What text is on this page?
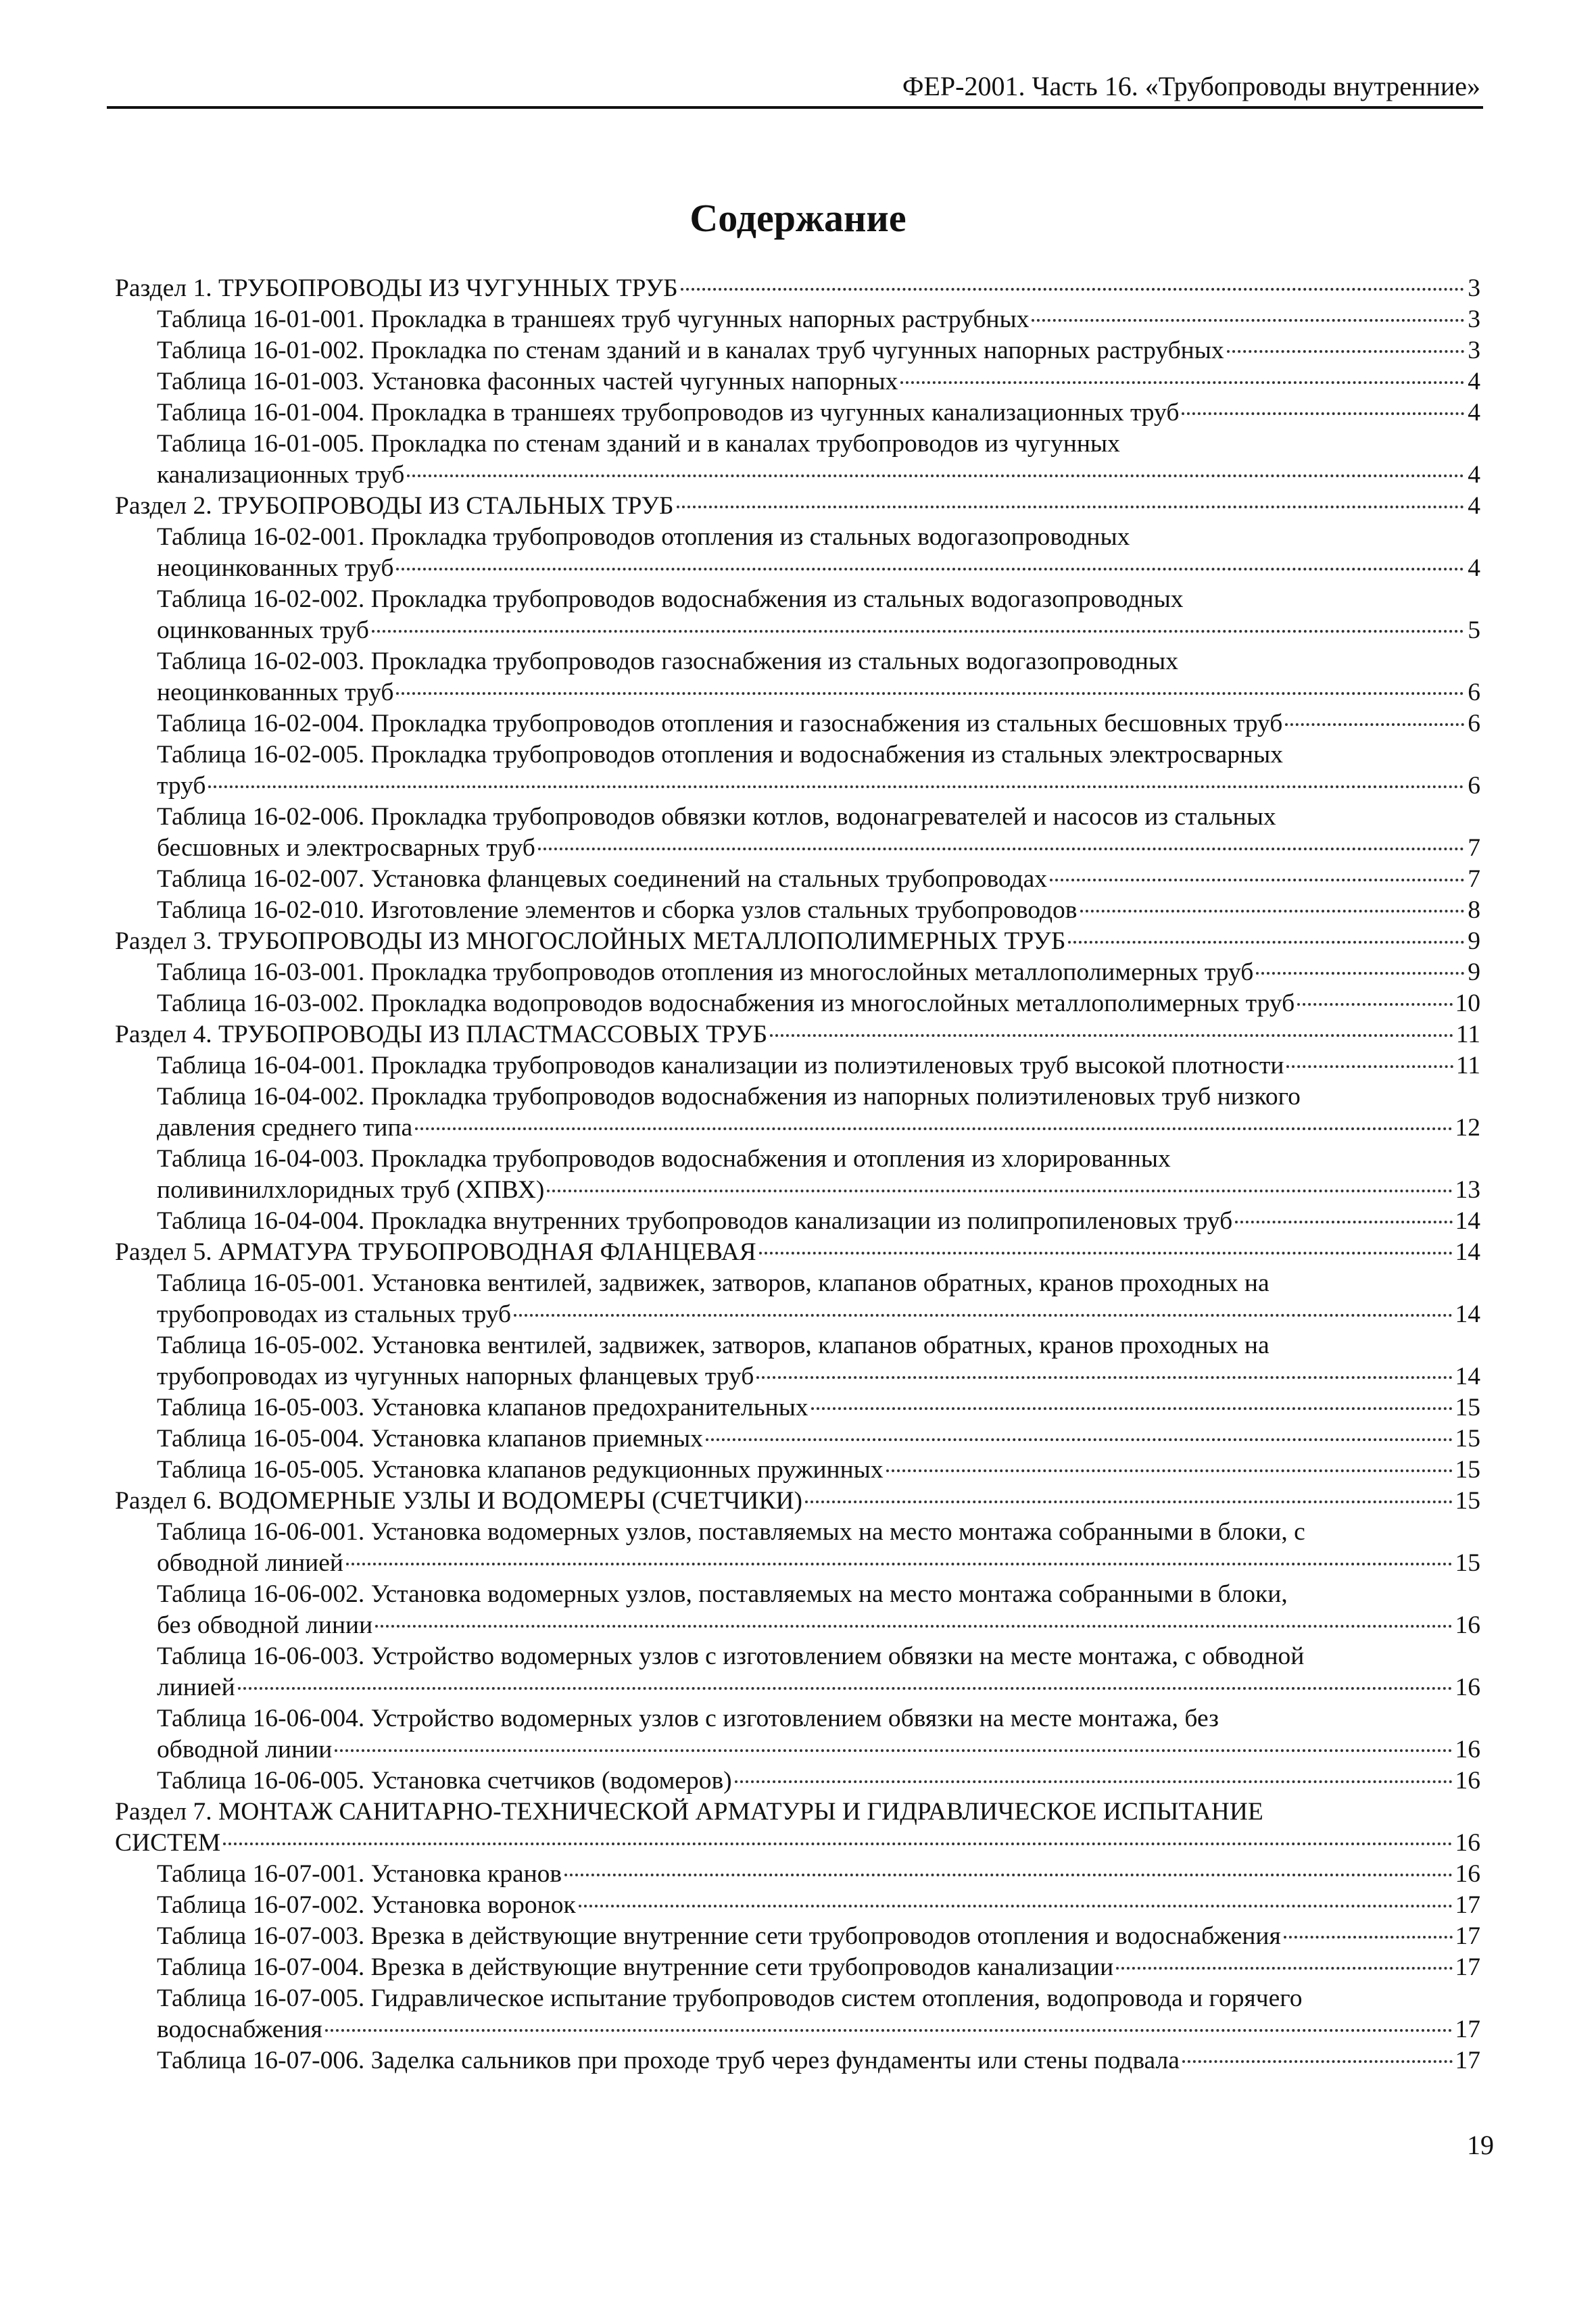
ФЕР-2001. Часть 16. «Трубопроводы внутренние»
Содержание
Раздел 1. ТРУБОПРОВОДЫ ИЗ ЧУГУННЫХ ТРУБ	3
Таблица 16-01-001. Прокладка в траншеях труб чугунных напорных раструбных	3
Таблица 16-01-002. Прокладка по стенам зданий и в каналах труб чугунных напорных раструбных	3
Таблица 16-01-003. Установка фасонных частей чугунных напорных	4
Таблица 16-01-004. Прокладка в траншеях трубопроводов из чугунных канализационных труб	4
Таблица 16-01-005. Прокладка по стенам зданий и в каналах трубопроводов из чугунных
канализационных труб	4
Раздел 2. ТРУБОПРОВОДЫ ИЗ СТАЛЬНЫХ ТРУБ	4
Таблица 16-02-001. Прокладка трубопроводов отопления из стальных водогазопроводных
неоцинкованных труб	4
Таблица 16-02-002. Прокладка трубопроводов водоснабжения из стальных водогазопроводных
оцинкованных труб	5
Таблица 16-02-003. Прокладка трубопроводов газоснабжения из стальных водогазопроводных
неоцинкованных труб	6
Таблица 16-02-004. Прокладка трубопроводов отопления и газоснабжения из стальных бесшовных труб	6
Таблица 16-02-005. Прокладка трубопроводов отопления и водоснабжения из стальных электросварных
труб	6
Таблица 16-02-006. Прокладка трубопроводов обвязки котлов, водонагревателей и насосов из стальных
бесшовных и электросварных труб	7
Таблица 16-02-007. Установка фланцевых соединений на стальных трубопроводах	7
Таблица 16-02-010. Изготовление элементов и сборка узлов стальных трубопроводов	8
Раздел 3. ТРУБОПРОВОДЫ ИЗ МНОГОСЛОЙНЫХ МЕТАЛЛОПОЛИМЕРНЫХ ТРУБ	9
Таблица 16-03-001. Прокладка трубопроводов отопления из многослойных металлополимерных труб	9
Таблица 16-03-002. Прокладка водопроводов водоснабжения из многослойных металлополимерных труб	10
Раздел 4. ТРУБОПРОВОДЫ ИЗ ПЛАСТМАССОВЫХ ТРУБ	11
Таблица 16-04-001. Прокладка трубопроводов канализации из полиэтиленовых труб высокой плотности	11
Таблица 16-04-002. Прокладка трубопроводов водоснабжения из напорных полиэтиленовых труб низкого
давления среднего типа	12
Таблица 16-04-003. Прокладка трубопроводов водоснабжения и отопления из хлорированных
поливинилхлоридных труб (ХПВХ)	13
Таблица 16-04-004. Прокладка внутренних трубопроводов канализации из полипропиленовых труб	14
Раздел 5. АРМАТУРА ТРУБОПРОВОДНАЯ ФЛАНЦЕВАЯ	14
Таблица 16-05-001. Установка вентилей, задвижек, затворов, клапанов обратных, кранов проходных на
трубопроводах из стальных труб	14
Таблица 16-05-002. Установка вентилей, задвижек, затворов, клапанов обратных, кранов проходных на
трубопроводах из чугунных напорных фланцевых труб	14
Таблица 16-05-003. Установка клапанов предохранительных	15
Таблица 16-05-004. Установка клапанов приемных	15
Таблица 16-05-005. Установка клапанов редукционных пружинных	15
Раздел 6. ВОДОМЕРНЫЕ УЗЛЫ И ВОДОМЕРЫ (СЧЕТЧИКИ)	15
Таблица 16-06-001. Установка водомерных узлов, поставляемых на место монтажа собранными в блоки, с
обводной линией	15
Таблица 16-06-002. Установка водомерных узлов, поставляемых на место монтажа собранными в блоки,
без обводной линии	16
Таблица 16-06-003. Устройство водомерных узлов с изготовлением обвязки на месте монтажа, с обводной
линией	16
Таблица 16-06-004. Устройство водомерных узлов с изготовлением обвязки на месте монтажа, без
обводной линии	16
Таблица 16-06-005. Установка счетчиков (водомеров)	16
Раздел 7. МОНТАЖ САНИТАРНО-ТЕХНИЧЕСКОЙ АРМАТУРЫ И ГИДРАВЛИЧЕСКОЕ ИСПЫТАНИЕ
СИСТЕМ	16
Таблица 16-07-001. Установка кранов	16
Таблица 16-07-002. Установка воронок	17
Таблица 16-07-003. Врезка в действующие внутренние сети трубопроводов отопления и водоснабжения	17
Таблица 16-07-004. Врезка в действующие внутренние сети трубопроводов канализации	17
Таблица 16-07-005. Гидравлическое испытание трубопроводов систем отопления, водопровода и горячего
водоснабжения	17
Таблица 16-07-006. Заделка сальников при проходе труб через фундаменты или стены подвала	17
19
